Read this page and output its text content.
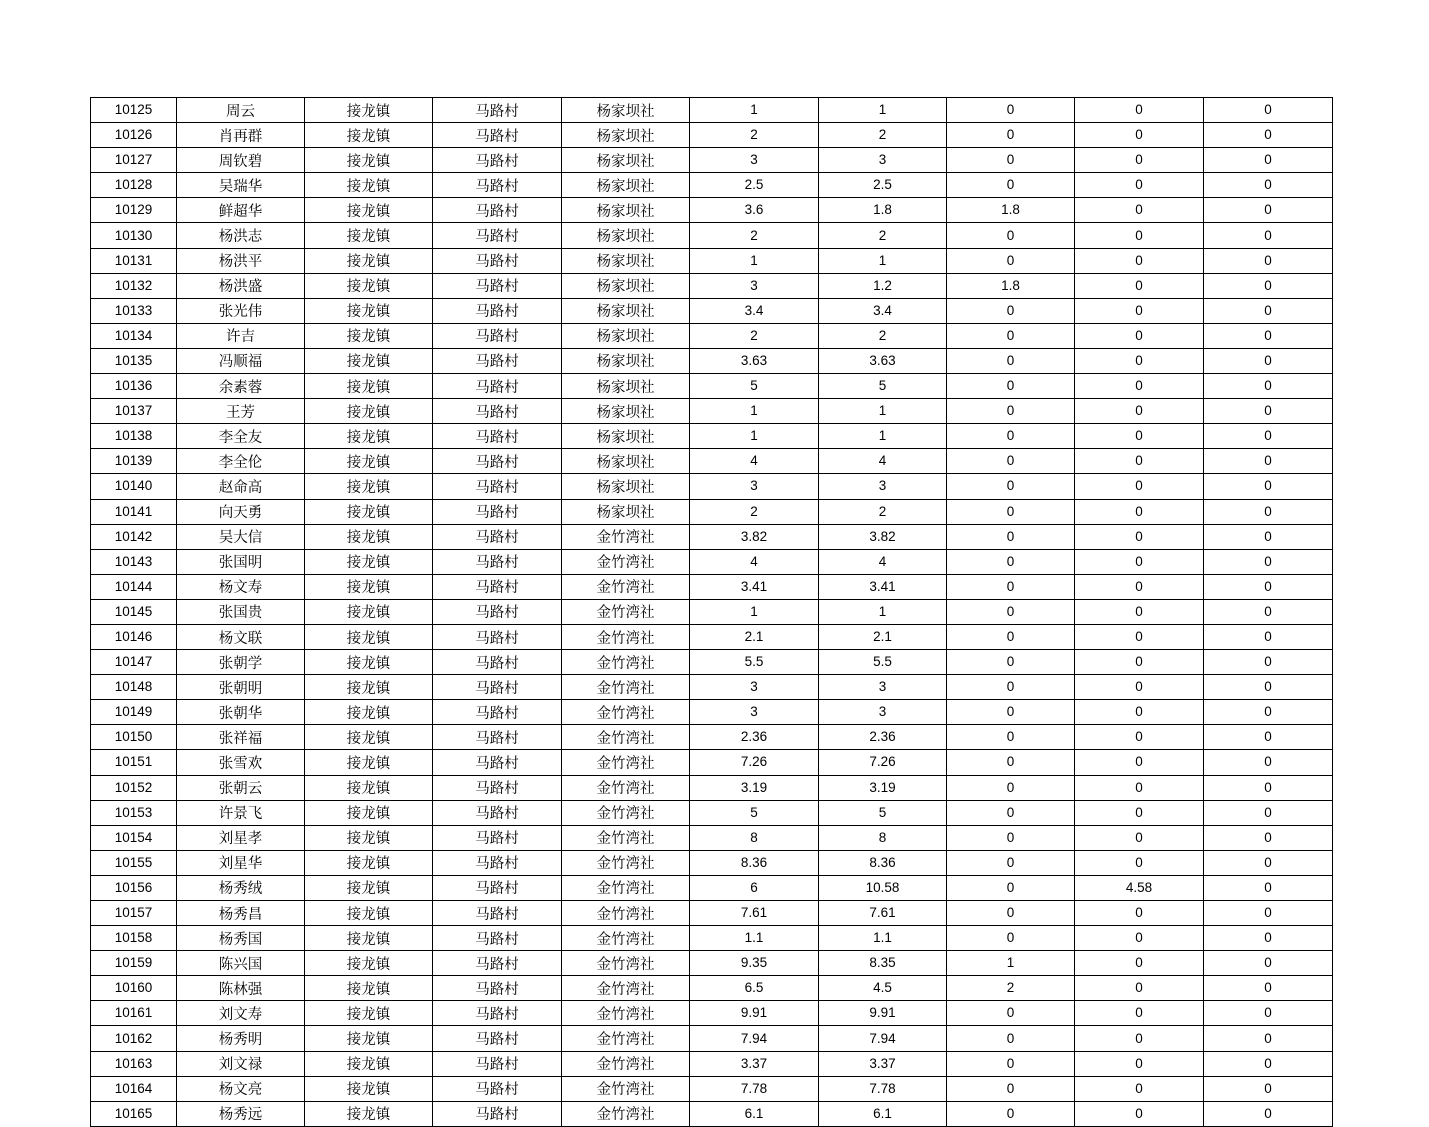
10125	周云	接龙镇	马路村	杨家坝社	1	1	0	0	0
10126	肖再群	接龙镇	马路村	杨家坝社	2	2	0	0	0
10127	周钦碧	接龙镇	马路村	杨家坝社	3	3	0	0	0
10128	吴瑞华	接龙镇	马路村	杨家坝社	2.5	2.5	0	0	0
10129	鲜超华	接龙镇	马路村	杨家坝社	3.6	1.8	1.8	0	0
10130	杨洪志	接龙镇	马路村	杨家坝社	2	2	0	0	0
10131	杨洪平	接龙镇	马路村	杨家坝社	1	1	0	0	0
10132	杨洪盛	接龙镇	马路村	杨家坝社	3	1.2	1.8	0	0
10133	张光伟	接龙镇	马路村	杨家坝社	3.4	3.4	0	0	0
10134	许吉	接龙镇	马路村	杨家坝社	2	2	0	0	0
10135	冯顺福	接龙镇	马路村	杨家坝社	3.63	3.63	0	0	0
10136	余素蓉	接龙镇	马路村	杨家坝社	5	5	0	0	0
10137	王芳	接龙镇	马路村	杨家坝社	1	1	0	0	0
10138	李全友	接龙镇	马路村	杨家坝社	1	1	0	0	0
10139	李全伦	接龙镇	马路村	杨家坝社	4	4	0	0	0
10140	赵命高	接龙镇	马路村	杨家坝社	3	3	0	0	0
10141	向天勇	接龙镇	马路村	杨家坝社	2	2	0	0	0
10142	吴大信	接龙镇	马路村	金竹湾社	3.82	3.82	0	0	0
10143	张国明	接龙镇	马路村	金竹湾社	4	4	0	0	0
10144	杨文寿	接龙镇	马路村	金竹湾社	3.41	3.41	0	0	0
10145	张国贵	接龙镇	马路村	金竹湾社	1	1	0	0	0
10146	杨文联	接龙镇	马路村	金竹湾社	2.1	2.1	0	0	0
10147	张朝学	接龙镇	马路村	金竹湾社	5.5	5.5	0	0	0
10148	张朝明	接龙镇	马路村	金竹湾社	3	3	0	0	0
10149	张朝华	接龙镇	马路村	金竹湾社	3	3	0	0	0
10150	张祥福	接龙镇	马路村	金竹湾社	2.36	2.36	0	0	0
10151	张雪欢	接龙镇	马路村	金竹湾社	7.26	7.26	0	0	0
10152	张朝云	接龙镇	马路村	金竹湾社	3.19	3.19	0	0	0
10153	许景飞	接龙镇	马路村	金竹湾社	5	5	0	0	0
10154	刘星孝	接龙镇	马路村	金竹湾社	8	8	0	0	0
10155	刘星华	接龙镇	马路村	金竹湾社	8.36	8.36	0	0	0
10156	杨秀绒	接龙镇	马路村	金竹湾社	6	10.58	0	4.58	0
10157	杨秀昌	接龙镇	马路村	金竹湾社	7.61	7.61	0	0	0
10158	杨秀国	接龙镇	马路村	金竹湾社	1.1	1.1	0	0	0
10159	陈兴国	接龙镇	马路村	金竹湾社	9.35	8.35	1	0	0
10160	陈林强	接龙镇	马路村	金竹湾社	6.5	4.5	2	0	0
10161	刘文寿	接龙镇	马路村	金竹湾社	9.91	9.91	0	0	0
10162	杨秀明	接龙镇	马路村	金竹湾社	7.94	7.94	0	0	0
10163	刘文禄	接龙镇	马路村	金竹湾社	3.37	3.37	0	0	0
10164	杨文亮	接龙镇	马路村	金竹湾社	7.78	7.78	0	0	0
10165	杨秀远	接龙镇	马路村	金竹湾社	6.1	6.1	0	0	0
